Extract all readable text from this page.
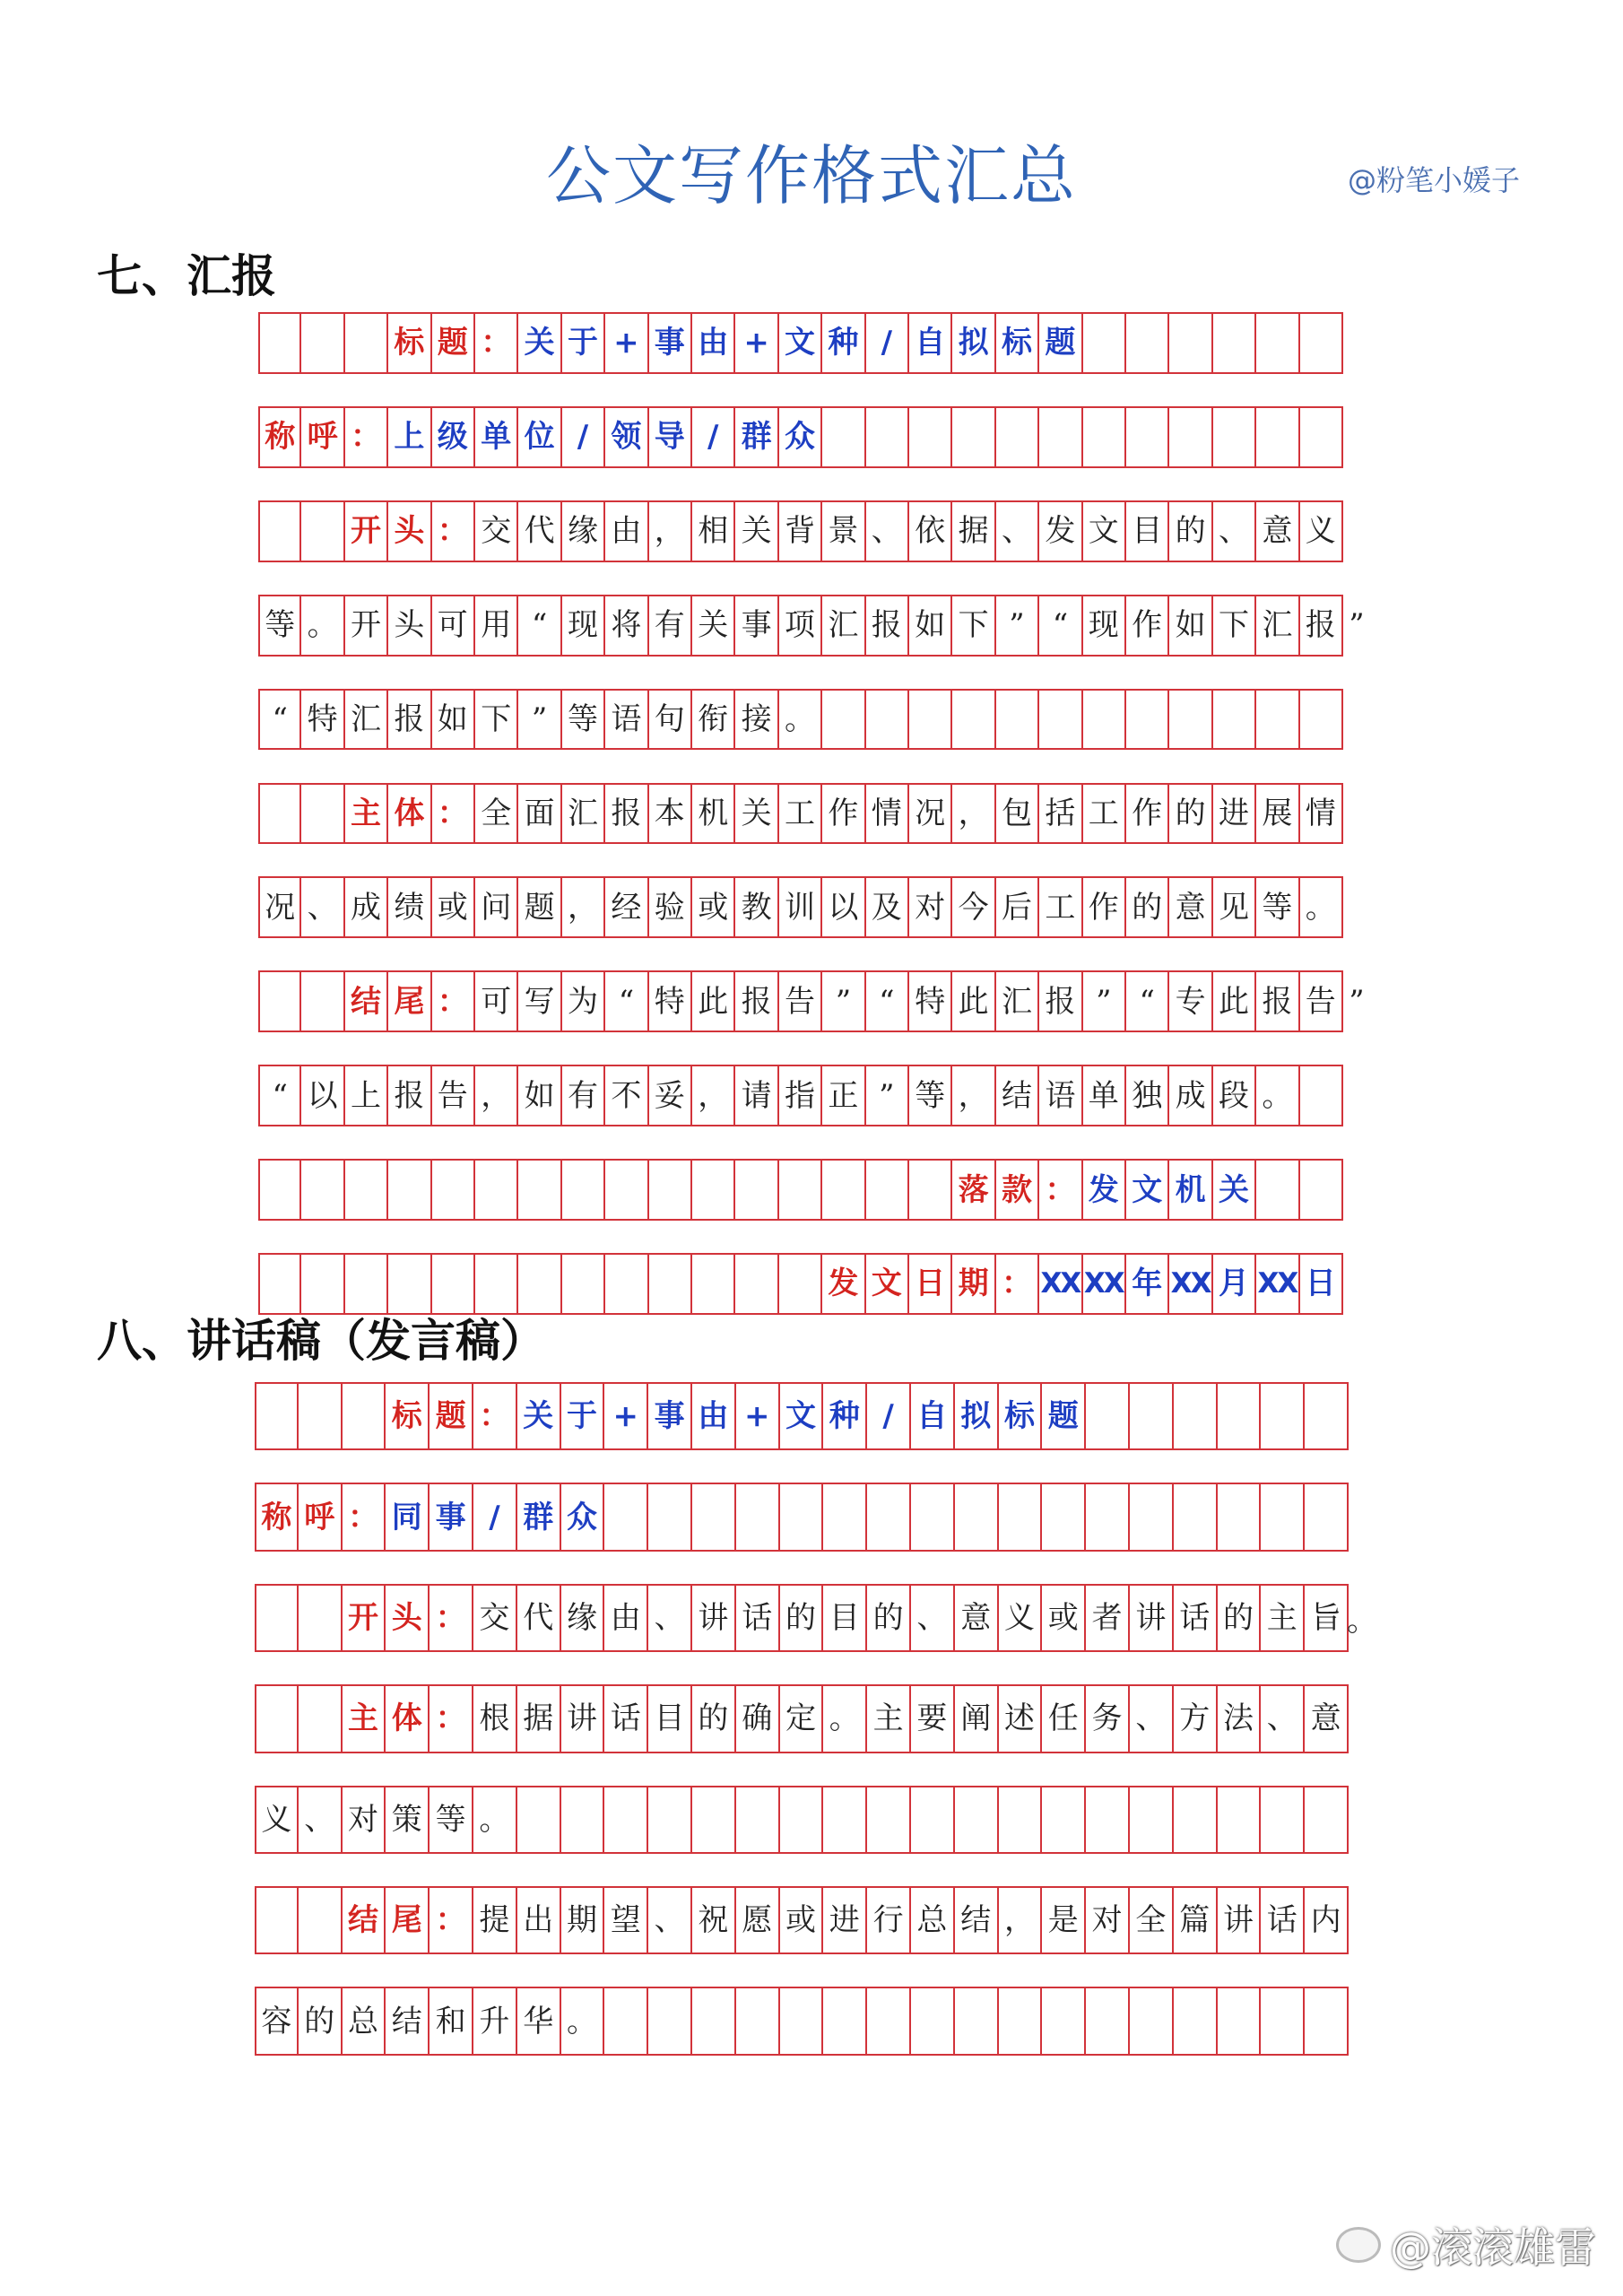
公文写作格式汇总	@粉笔小媛子
七、汇报
标 题 ： 关 于 + 事 由 + 文 种 / 自 拟 标 题
称 呼 ： 上 级 单 位 / 领 导 / 群 众
开 头 ： 交 代 缘 由 ， 相 关 背 景 、 依 据 、 发 文 目 的 、 意 义
等 。 开 头 可 用 “ 现 将 有 关 事 项 汇 报 如 下 ” “ 现 作 如 下 汇 报 ”
“ 特 汇 报 如 下 ” 等 语 句 衔 接 。
主 体 ： 全 面 汇 报 本 机 关 工 作 情 况 ， 包 括 工 作 的 进 展 情
况 、 成 绩 或 问 题 ， 经 验 或 教 训 以 及 对 今 后 工 作 的 意 见 等 。
结 尾 ： 可 写 为 “ 特 此 报 告 ” “ 特 此 汇 报 ” “ 专 此 报 告 ”
“ 以 上 报 告 ， 如 有 不 妥 ， 请 指 正 ” 等 ， 结 语 单 独 成 段 。
落 款 ： 发 文 机 关
发 文 日 期 ： XX XX 年 XX 月 XX 日
八、讲话稿（发言稿）
标 题 ： 关 于 + 事 由 + 文 种 / 自 拟 标 题
称 呼 ： 同 事 / 群 众
开 头 ： 交 代 缘 由 、 讲 话 的 目 的 、 意 义 或 者 讲 话 的 主 旨 。
主 体 ： 根 据 讲 话 目 的 确 定 。 主 要 阐 述 任 务 、 方 法 、 意
义 、 对 策 等 。
结 尾 ： 提 出 期 望 、 祝 愿 或 进 行 总 结 ， 是 对 全 篇 讲 话 内
容 的 总 结 和 升 华 。
@滚滚雄雷
